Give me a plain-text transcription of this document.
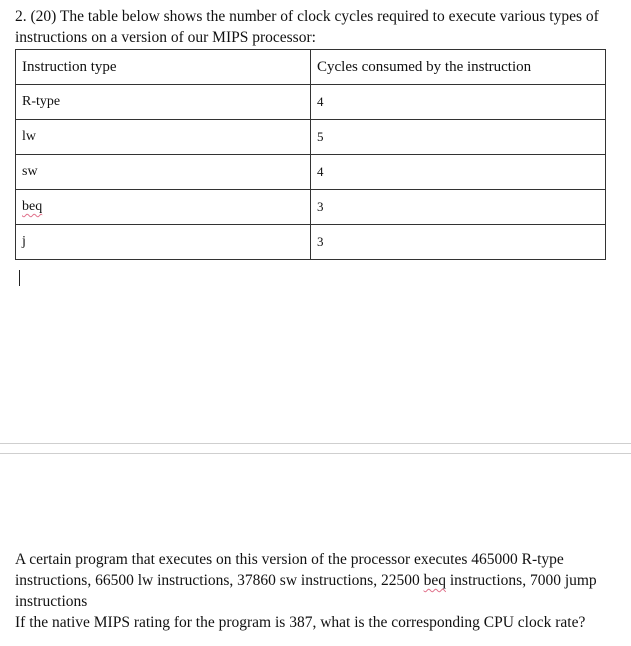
2. (20) The table below shows the number of clock cycles required to execute various types of instructions on a version of our MIPS processor:

Instruction type	Cycles consumed by the instruction
R-type	4
lw	5
sw	4
beq	3
j	3

A certain program that executes on this version of the processor executes 465000 R-type instructions, 66500 lw instructions, 37860 sw instructions, 22500 beq instructions, 7000 jump instructions

If the native MIPS rating for the program is 387, what is the corresponding CPU clock rate?
